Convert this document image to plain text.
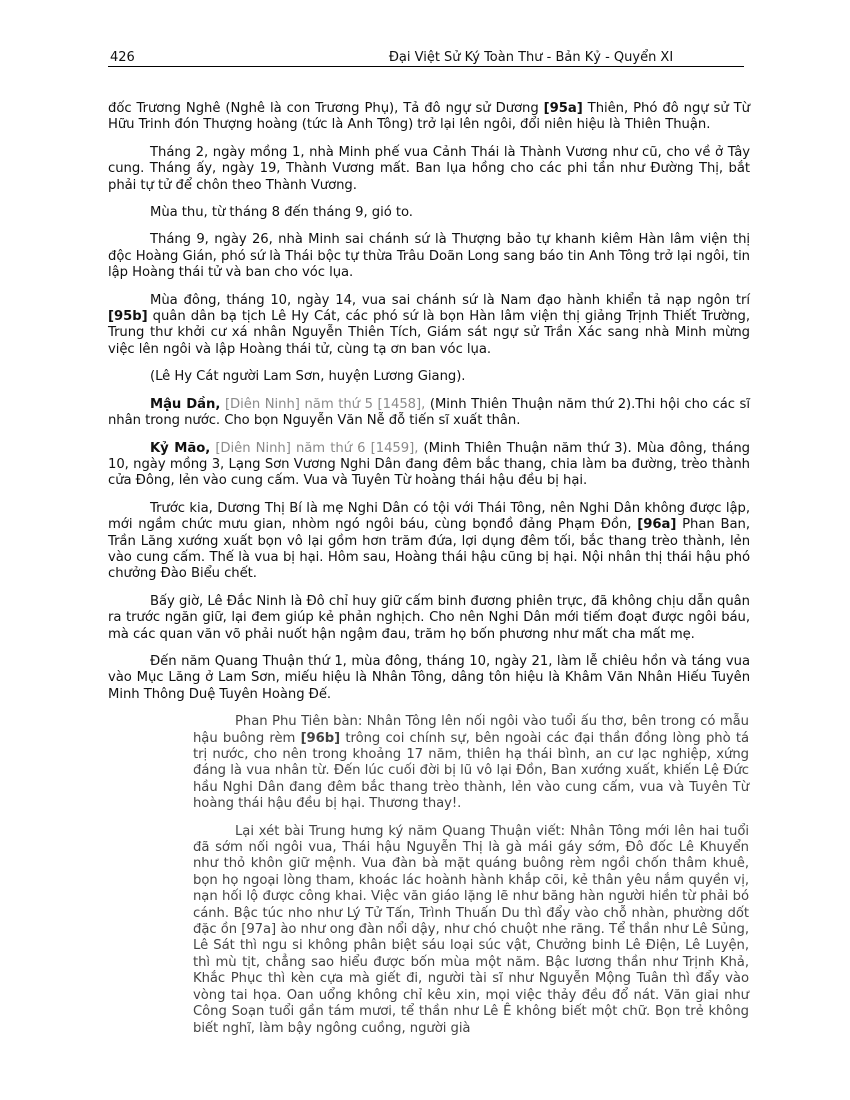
426	Đại Việt Sử Ký Toàn Thư - Bản Kỷ - Quyển XI

đốc Trương Nghê (Nghê là con Trương Phụ), Tả đô ngự sử Dương [95a] Thiên, Phó đô ngự sử Từ Hữu Trinh đón Thượng hoàng (tức là Anh Tông) trở lại lên ngôi, đổi niên hiệu là Thiên Thuận.

Tháng 2, ngày mồng 1, nhà Minh phế vua Cảnh Thái là Thành Vương như cũ, cho về ở Tây cung. Tháng ấy, ngày 19, Thành Vương mất. Ban lụa hồng cho các phi tần như Đường Thị, bắt phải tự tử để chôn theo Thành Vương.

Mùa thu, từ tháng 8 đến tháng 9, gió to.

Tháng 9, ngày 26, nhà Minh sai chánh sứ là Thượng bảo tự khanh kiêm Hàn lâm viện thị độc Hoàng Gián, phó sứ là Thái bộc tự thừa Trâu Doãn Long sang báo tin Anh Tông trở lại ngôi, tin lập Hoàng thái tử và ban cho vóc lụa.

Mùa đông, tháng 10, ngày 14, vua sai chánh sứ là Nam đạo hành khiển tả nạp ngôn trí [95b] quân dân bạ tịch Lê Hy Cát, các phó sứ là bọn Hàn lâm viện thị giảng Trịnh Thiết Trường, Trung thư khởi cư xá nhân Nguyễn Thiên Tích, Giám sát ngự sử Trần Xác sang nhà Minh mừng việc lên ngôi và lập Hoàng thái tử, cùng tạ ơn ban vóc lụa.

(Lê Hy Cát người Lam Sơn, huyện Lương Giang).

Mậu Dần, [Diên Ninh] năm thứ 5 [1458], (Minh Thiên Thuận năm thứ 2).Thi hội cho các sĩ nhân trong nước. Cho bọn Nguyễn Văn Nễ đỗ tiến sĩ xuất thân.

Kỷ Mão, [Diên Ninh] năm thứ 6 [1459], (Minh Thiên Thuận năm thứ 3). Mùa đông, tháng 10, ngày mồng 3, Lạng Sơn Vương Nghi Dân đang đêm bắc thang, chia làm ba đường, trèo thành cửa Đông, lẻn vào cung cấm. Vua và Tuyên Từ hoàng thái hậu đều bị hại.

Trước kia, Dương Thị Bí là mẹ Nghi Dân có tội với Thái Tông, nên Nghi Dân không được lập, mới ngầm chức mưu gian, nhòm ngó ngôi báu, cùng bọnđồ đảng Phạm Đồn, [96a] Phan Ban, Trần Lăng xướng xuất bọn vô lại gồm hơn trăm đứa, lợi dụng đêm tối, bắc thang trèo thành, lẻn vào cung cấm. Thế là vua bị hại. Hôm sau, Hoàng thái hậu cũng bị hại. Nội nhân thị thái hậu phó chưởng Đào Biểu chết.

Bấy giờ, Lê Đắc Ninh là Đô chỉ huy giữ cấm binh đương phiên trực, đã không chịu dẫn quân ra trước ngăn giữ, lại đem giúp kẻ phản nghịch. Cho nên Nghi Dân mới tiếm đoạt được ngôi báu, mà các quan văn võ phải nuốt hận ngậm đau, trăm họ bốn phương như mất cha mất mẹ.

Đến năm Quang Thuận thứ 1, mùa đông, tháng 10, ngày 21, làm lễ chiêu hồn và táng vua vào Mục Lăng ở Lam Sơn, miếu hiệu là Nhân Tông, dâng tôn hiệu là Khâm Văn Nhân Hiếu Tuyên Minh Thông Duệ Tuyên Hoàng Đế.

Phan Phu Tiên bàn: Nhân Tông lên nối ngôi vào tuổi ấu thơ, bên trong có mẫu hậu buông rèm [96b] trông coi chính sự, bên ngoài các đại thần đồng lòng phò tá trị nước, cho nên trong khoảng 17 năm, thiên hạ thái bình, an cư lạc nghiệp, xứng đáng là vua nhân từ. Đến lúc cuối đời bị lũ vô lại Đồn, Ban xướng xuất, khiến Lệ Đức hầu Nghi Dân đang đêm bắc thang trèo thành, lẻn vào cung cấm, vua và Tuyên Từ hoàng thái hậu đều bị hại. Thương thay!.

Lại xét bài Trung hưng ký năm Quang Thuận viết: Nhân Tông mới lên hai tuổi đã sớm nối ngôi vua, Thái hậu Nguyễn Thị là gà mái gáy sớm, Đô đốc Lê Khuyển như thỏ khôn giữ mệnh. Vua đàn bà mặt quáng buông rèm ngồi chốn thâm khuê, bọn họ ngoại lòng tham, khoác lác hoành hành khắp cõi, kẻ thân yêu nắm quyền vị, nạn hối lộ được công khai. Việc văn giáo lặng lẽ như băng hàn người hiền từ phải bó cánh. Bậc túc nho như Lý Tử Tấn, Trình Thuấn Du thì đẩy vào chỗ nhàn, phường dốt đặc ồn [97a] ào như ong đàn nổi dậy, như chó chuột nhe răng. Tể thần như Lê Sủng, Lê Sát thì ngu si không phân biệt sáu loại súc vật, Chưởng binh Lê Điện, Lê Luyện, thì mù tịt, chẳng sao hiểu được bốn mùa một năm. Bậc lương thần như Trịnh Khả, Khắc Phục thì kèn cựa mà giết đi, người tài sĩ như Nguyễn Mộng Tuân thì đẩy vào vòng tai họa. Oan uổng không chỉ kêu xin, mọi việc thảy đều đổ nát. Văn giai như Công Soạn tuổi gần tám mươi, tể thần như Lê Ê không biết một chữ. Bọn trẻ không biết nghĩ, làm bậy ngông cuồng, người già
